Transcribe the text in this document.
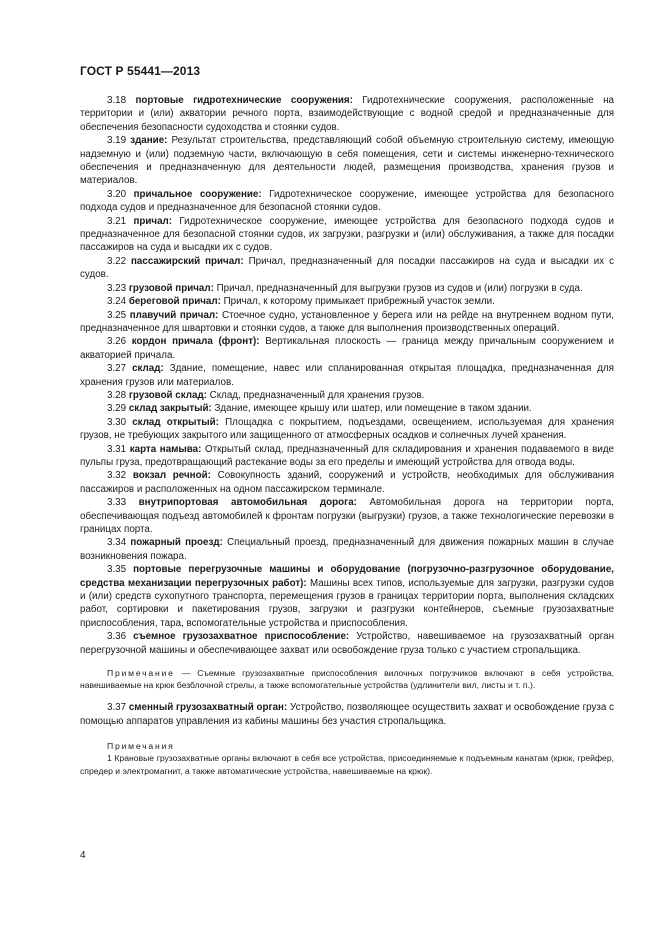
ГОСТ Р 55441—2013

3.18 портовые гидротехнические сооружения: Гидротехнические сооружения, расположенные на территории и (или) акватории речного порта, взаимодействующие с водной средой и предназначенные для обеспечения безопасности судоходства и стоянки судов.

3.19 здание: Результат строительства, представляющий собой объемную строительную систему, имеющую надземную и (или) подземную части, включающую в себя помещения, сети и системы инженерно-технического обеспечения и предназначенную для деятельности людей, размещения производства, хранения грузов и материалов.

3.20 причальное сооружение: Гидротехническое сооружение, имеющее устройства для безопасного подхода судов и предназначенное для безопасной стоянки судов.

3.21 причал: Гидротехническое сооружение, имеющее устройства для безопасного подхода судов и предназначенное для безопасной стоянки судов, их загрузки, разгрузки и (или) обслуживания, а также для посадки пассажиров на суда и высадки их с судов.

3.22 пассажирский причал: Причал, предназначенный для посадки пассажиров на суда и высадки их с судов.

3.23 грузовой причал: Причал, предназначенный для выгрузки грузов из судов и (или) погрузки в суда.

3.24 береговой причал: Причал, к которому примыкает прибрежный участок земли.

3.25 плавучий причал: Стоечное судно, установленное у берега или на рейде на внутреннем водном пути, предназначенное для швартовки и стоянки судов, а также для выполнения производственных операций.

3.26 кордон причала (фронт): Вертикальная плоскость — граница между причальным сооружением и акваторией причала.

3.27 склад: Здание, помещение, навес или спланированная открытая площадка, предназначенная для хранения грузов или материалов.

3.28 грузовой склад: Склад, предназначенный для хранения грузов.

3.29 склад закрытый: Здание, имеющее крышу или шатер, или помещение в таком здании.

3.30 склад открытый: Площадка с покрытием, подъездами, освещением, используемая для хранения грузов, не требующих закрытого или защищенного от атмосферных осадков и солнечных лучей хранения.

3.31 карта намыва: Открытый склад, предназначенный для складирования и хранения подаваемого в виде пульпы груза, предотвращающий растекание воды за его пределы и имеющий устройства для отвода воды.

3.32 вокзал речной: Совокупность зданий, сооружений и устройств, необходимых для обслуживания пассажиров и расположенных на одном пассажирском терминале.

3.33 внутрипортовая автомобильная дорога: Автомобильная дорога на территории порта, обеспечивающая подъезд автомобилей к фронтам погрузки (выгрузки) грузов, а также технологические перевозки в границах порта.

3.34 пожарный проезд: Специальный проезд, предназначенный для движения пожарных машин в случае возникновения пожара.

3.35 портовые перегрузочные машины и оборудование (погрузочно-разгрузочное оборудование, средства механизации перегрузочных работ): Машины всех типов, используемые для загрузки, разгрузки судов и (или) средств сухопутного транспорта, перемещения грузов в границах территории порта, выполнения складских работ, сортировки и пакетирования грузов, загрузки и разгрузки контейнеров, съемные грузозахватные приспособления, тара, вспомогательные устройства и приспособления.

3.36 съемное грузозахватное приспособление: Устройство, навешиваемое на грузозахватный орган перегрузочной машины и обеспечивающее захват или освобождение груза только с участием стропальщика.

Примечание — Съемные грузозахватные приспособления вилочных погрузчиков включают в себя устройства, навешиваемые на крюк безблочной стрелы, а также вспомогательные устройства (удлинители вил, листы и т. п.).

3.37 сменный грузозахватный орган: Устройство, позволяющее осуществить захват и освобождение груза с помощью аппаратов управления из кабины машины без участия стропальщика.

Примечания

1 Крановые грузозахватные органы включают в себя все устройства, присоединяемые к подъемным канатам (крюк, грейфер, спредер и электромагнит, а также автоматические устройства, навешиваемые на крюк).

4
